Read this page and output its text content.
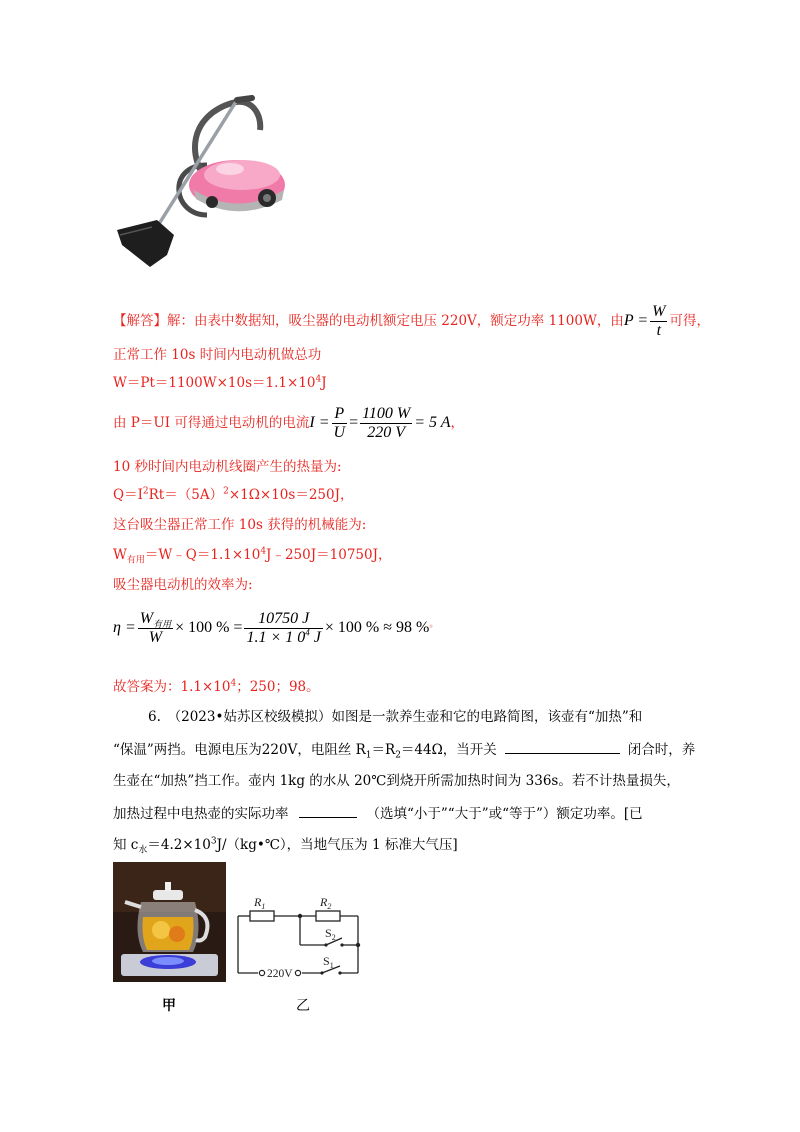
【解答】解：由表中数据知，吸尘器的电动机额定电压 220V，额定功率 1100W，由$P = \frac{W}{t}$ 可得，
正常工作 10s 时间内电动机做总功
$W=Pt=1100W\times 10s=1.1\times 10^4J$
由 P＝UI 可得通过电动机的电流$I = \frac{P}{U} = \frac{1100 W}{220 V} = 5$ A，
10 秒时间内电动机线圈产生的热量为:
$Q=I^2Rt=(5A)^2\times 1\Omega\times 10s=250J$，
这台吸尘器正常工作 10s 获得的机械能为:
$W_{有用}=W﹣Q=1.1\times 10^4J﹣250J=10750J$，
吸尘器电动机的效率为:
$\eta = \frac{W_{有用}}{W} \times 100$ % = $\frac{10750 J}{1.1 \times 1 0^4 J} \times 100$ % ≈ 98 %。
故答案为：$1.1\times 10^4$；250；98。
6.　（2023•姑苏区校级模拟）如图是一款养生壶和它的电路简图，该壶有“加热”和
“保温”两挡。电源电压为220V，电阻丝 $R_1=R_2=44\Omega$，当开关	闭合时，养
生壶在“加热”挡工作。壶内 1kg 的水从 20℃到烧开所需加热时间为 336s。若不计热量损失，
加热过程中电热壶的实际功率	（选填“小于”“大于”或“等于”）额定功率。[已
知 $c_水=4.2\times 10^3J/(kg•℃)$，当地气压为 1 标准大气压]
甲
$R_1$	$R_2$
$S_2$
$S_1$
220V
乙
